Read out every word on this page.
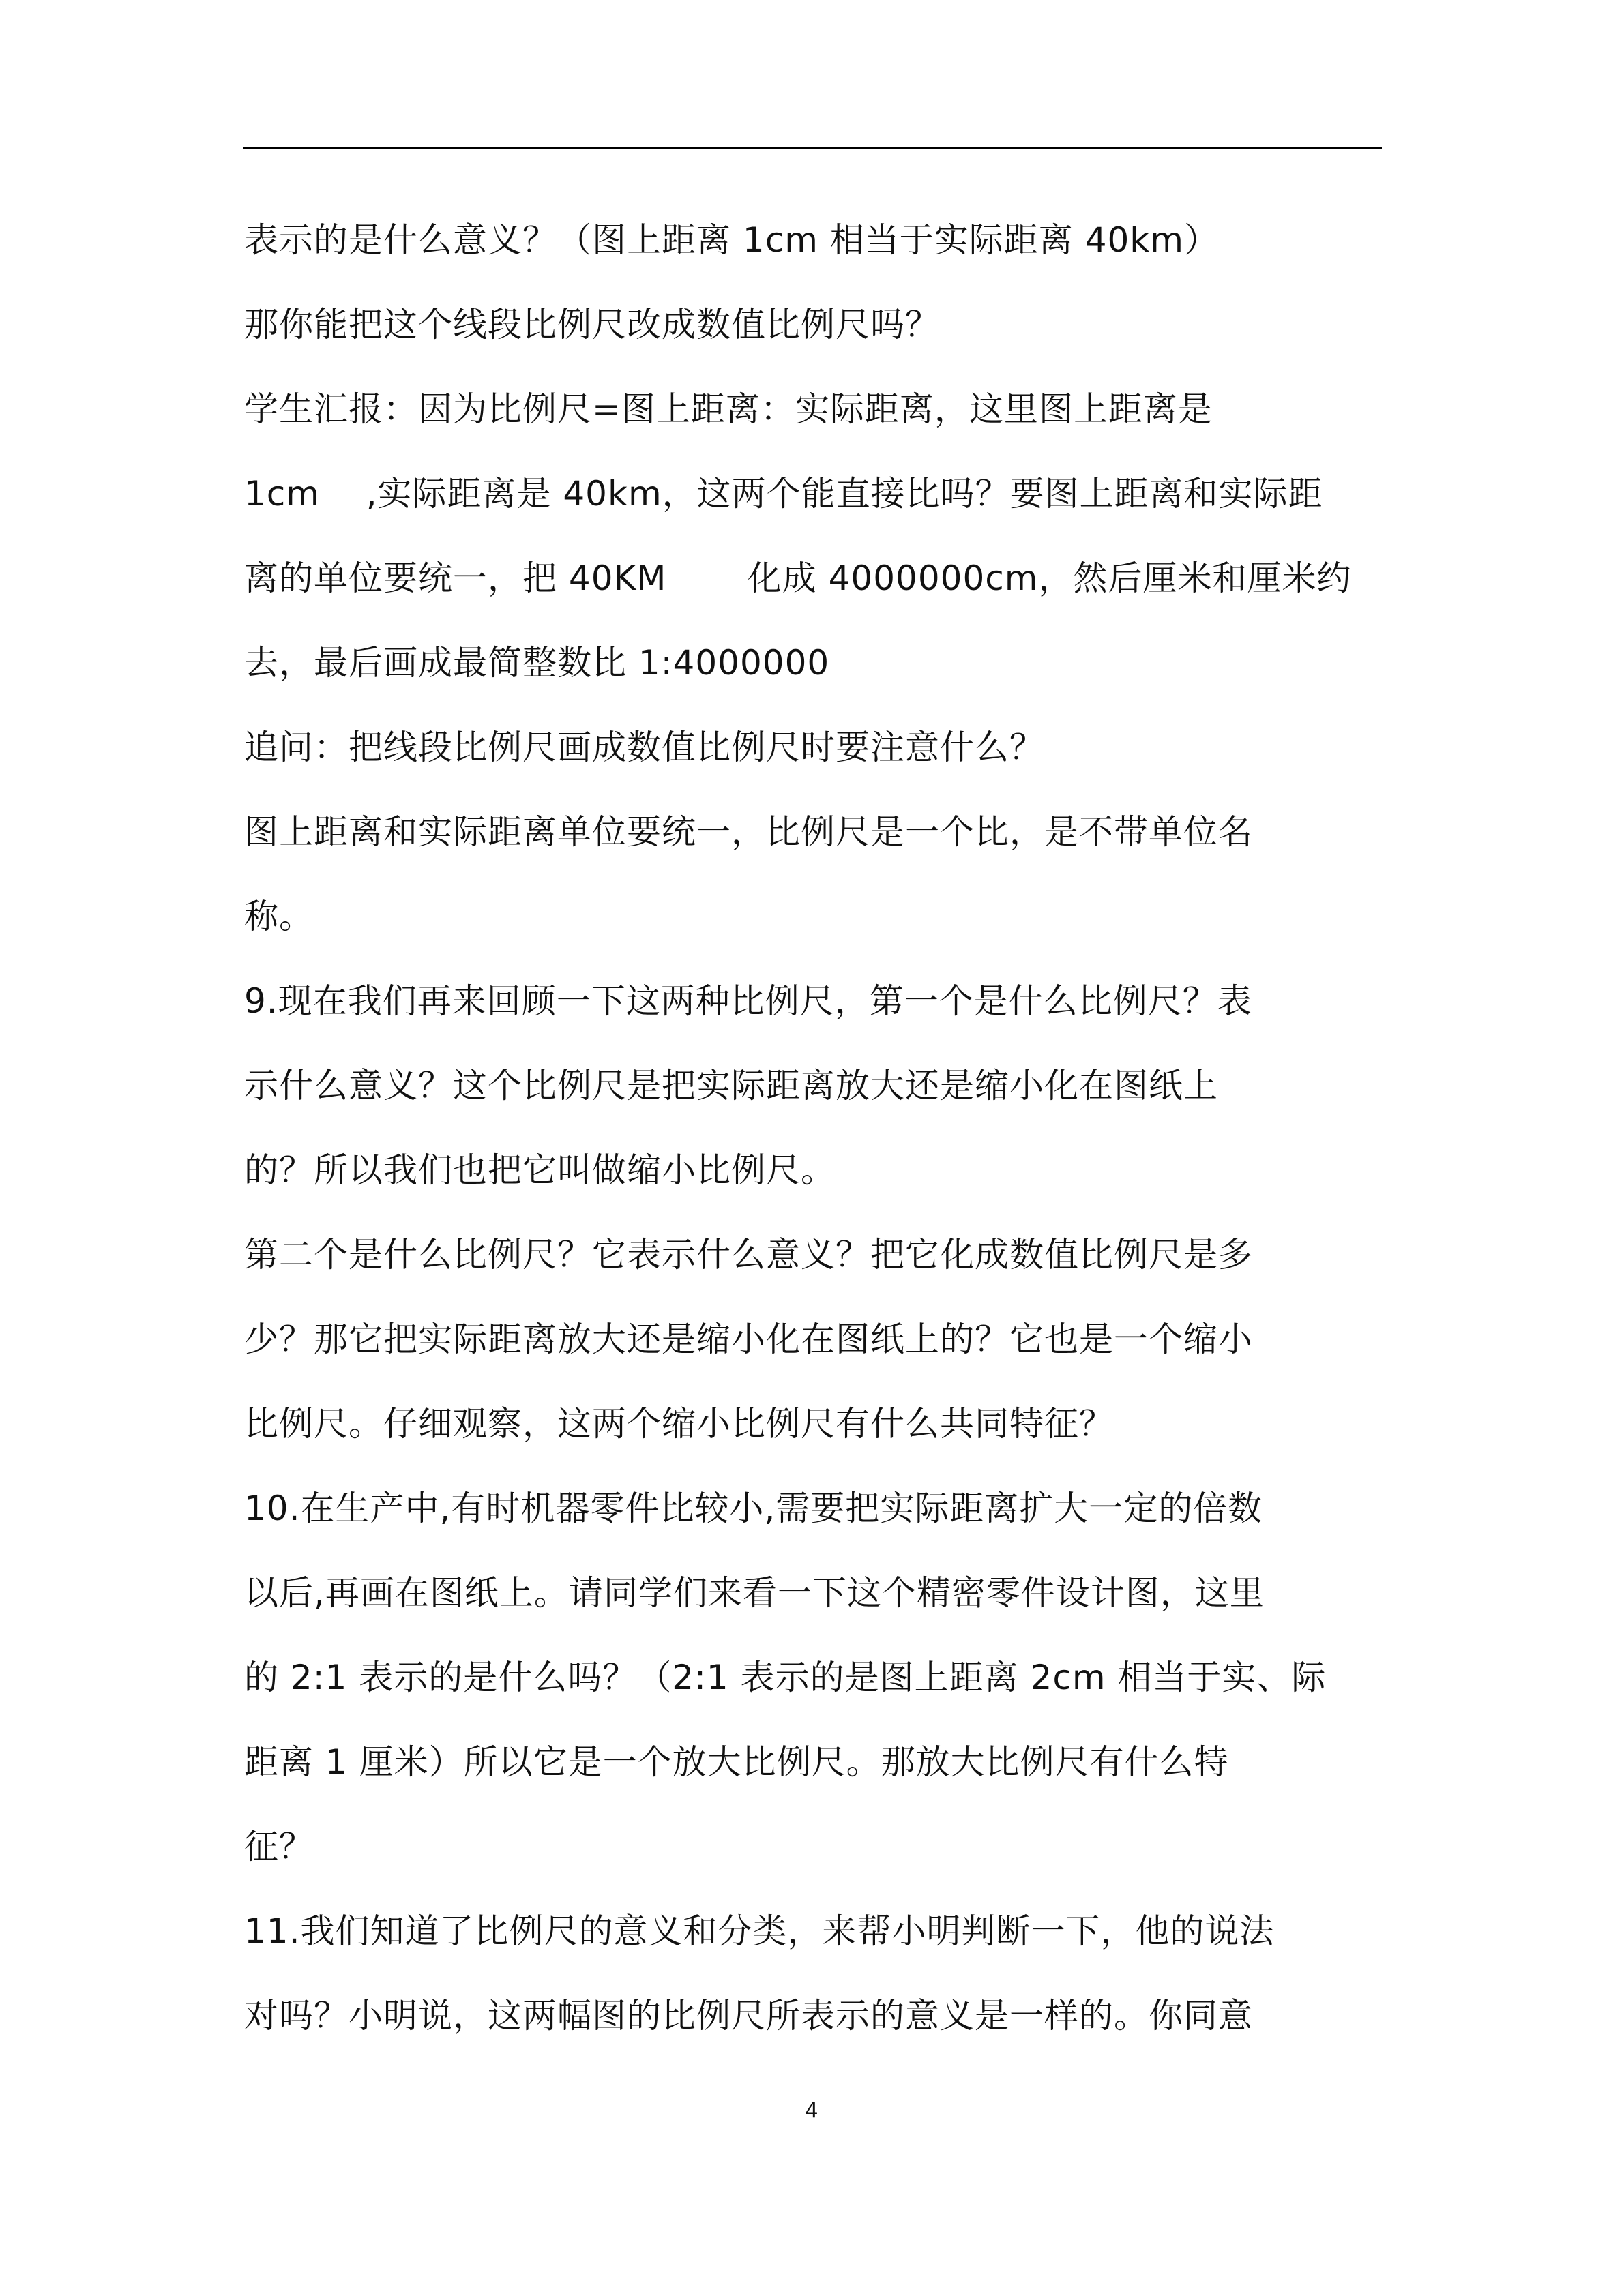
表示的是什么意义？（图上距离 1cm 相当于实际距离 40km）
那你能把这个线段比例尺改成数值比例尺吗？
学生汇报：因为比例尺=图上距离：实际距离，这里图上距离是
1cm    ,实际距离是 40km，这两个能直接比吗？要图上距离和实际距
离的单位要统一，把 40KM       化成 4000000cm，然后厘米和厘米约
去，最后画成最简整数比 1:4000000
追问：把线段比例尺画成数值比例尺时要注意什么？
图上距离和实际距离单位要统一，比例尺是一个比，是不带单位名
称。
9.现在我们再来回顾一下这两种比例尺，第一个是什么比例尺？表
示什么意义？这个比例尺是把实际距离放大还是缩小化在图纸上
的？所以我们也把它叫做缩小比例尺。
第二个是什么比例尺？它表示什么意义？把它化成数值比例尺是多
少？那它把实际距离放大还是缩小化在图纸上的？它也是一个缩小
比例尺。仔细观察，这两个缩小比例尺有什么共同特征？
10.在生产中,有时机器零件比较小,需要把实际距离扩大一定的倍数
以后,再画在图纸上。请同学们来看一下这个精密零件设计图，这里
的 2:1 表示的是什么吗？（2:1 表示的是图上距离 2cm 相当于实、际
距离 1 厘米）所以它是一个放大比例尺。那放大比例尺有什么特
征？
11.我们知道了比例尺的意义和分类，来帮小明判断一下，他的说法
对吗？小明说，这两幅图的比例尺所表示的意义是一样的。你同意
4
